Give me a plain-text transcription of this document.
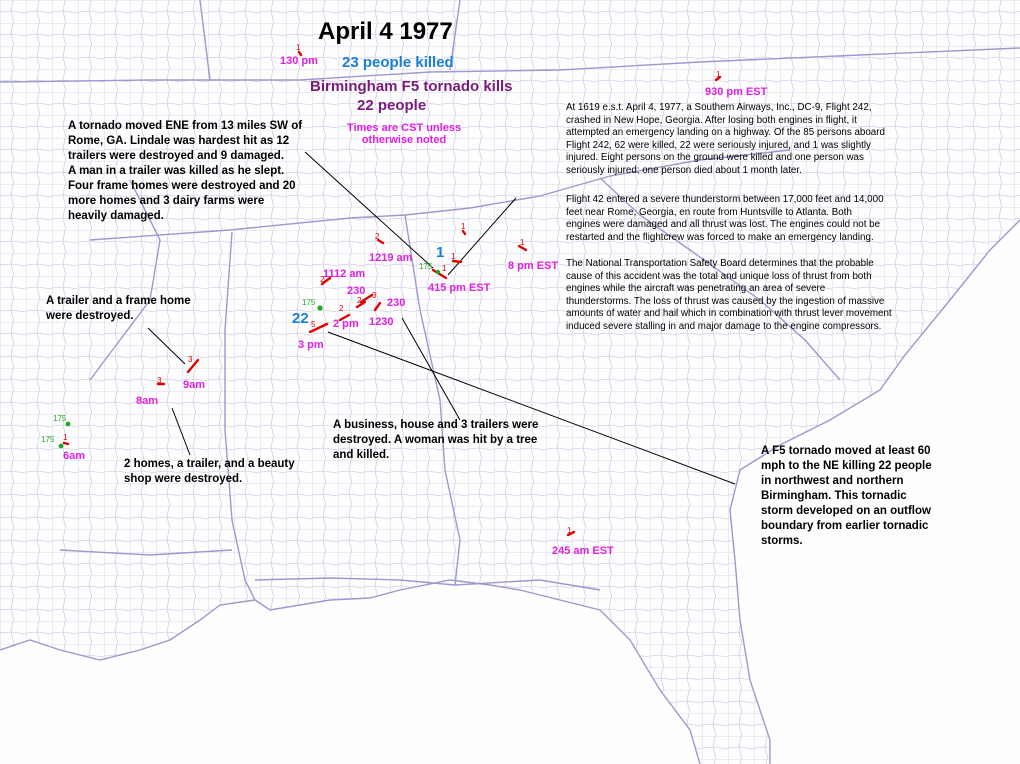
April 4 1977
23 people killed
Birmingham F5 tornado kills
22 people
Times are CST unless
otherwise noted
130 pm
930 pm EST
1219 am
415 pm EST
8 pm EST
1112 am
230
230
2 pm 1230
3 pm
9am
8am
6am
245 am EST
1
1
2
1
1
1
1
2
3
2
2
5
3
3
1
1
175
175
175
175
1
22
A tornado moved ENE from 13 miles SW of
Rome, GA. Lindale was hardest hit as 12
trailers were destroyed and 9 damaged.
A man in a trailer was killed as he slept.
Four frame homes were destroyed and 20
more homes and 3 dairy farms were
heavily damaged.
A trailer and a frame home
were destroyed.
2 homes, a trailer, and a beauty
shop were destroyed.
A business, house and 3 trailers were
destroyed. A woman was hit by a tree
and killed.	A F5 tornado moved at least 60
mph to the NE killing 22 people
in northwest and northern
Birmingham. This tornadic
storm developed on an outflow
boundary from earlier tornadic
storms.
At 1619 e.s.t. April 4, 1977, a Southern Airways, Inc., DC-9, Flight 242,
crashed in New Hope, Georgia. After losing both engines in flight, it
attempted an emergency landing on a highway. Of the 85 persons aboard
Flight 242, 62 were killed, 22 were seriously injured, and 1 was slightly
injured. Eight persons on the ground were killed and one person was
seriously injured; one person died about 1 month later.
Flight 42 entered a severe thunderstorm between 17,000 feet and 14,000
feet near Rome, Georgia, en route from Huntsville to Atlanta. Both
engines were damaged and all thrust was lost. The engines could not be
restarted and the flightcrew was forced to make an emergency landing.
The National Transportation Safety Board determines that the probable
cause of this accident was the total and unique loss of thrust from both
engines while the aircraft was penetrating an area of severe
thunderstorms. The loss of thrust was caused by the ingestion of massive
amounts of water and hail which in combination with thrust lever movement
induced severe stalling in and major damage to the engine compressors.
